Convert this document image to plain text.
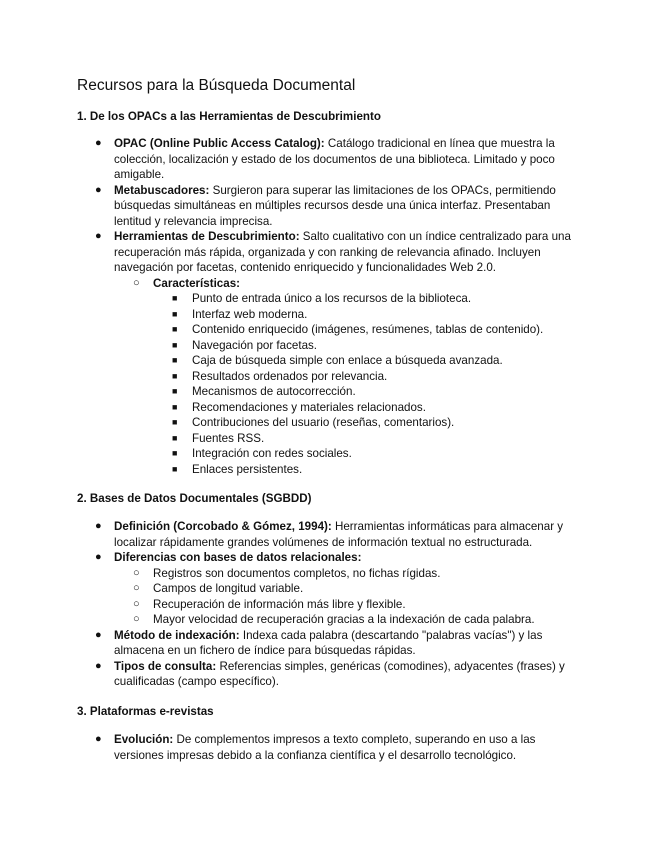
Recursos para la Búsqueda Documental
1. De los OPACs a las Herramientas de Descubrimiento
● OPAC (Online Public Access Catalog): Catálogo tradicional en línea que muestra la colección, localización y estado de los documentos de una biblioteca. Limitado y poco amigable.
● Metabuscadores: Surgieron para superar las limitaciones de los OPACs, permitiendo búsquedas simultáneas en múltiples recursos desde una única interfaz. Presentaban lentitud y relevancia imprecisa.
● Herramientas de Descubrimiento: Salto cualitativo con un índice centralizado para una recuperación más rápida, organizada y con ranking de relevancia afinado. Incluyen navegación por facetas, contenido enriquecido y funcionalidades Web 2.0.
○ Características:
■ Punto de entrada único a los recursos de la biblioteca.
■ Interfaz web moderna.
■ Contenido enriquecido (imágenes, resúmenes, tablas de contenido).
■ Navegación por facetas.
■ Caja de búsqueda simple con enlace a búsqueda avanzada.
■ Resultados ordenados por relevancia.
■ Mecanismos de autocorrección.
■ Recomendaciones y materiales relacionados.
■ Contribuciones del usuario (reseñas, comentarios).
■ Fuentes RSS.
■ Integración con redes sociales.
■ Enlaces persistentes.
2. Bases de Datos Documentales (SGBDD)
● Definición (Corcobado & Gómez, 1994): Herramientas informáticas para almacenar y localizar rápidamente grandes volúmenes de información textual no estructurada.
● Diferencias con bases de datos relacionales:
○ Registros son documentos completos, no fichas rígidas.
○ Campos de longitud variable.
○ Recuperación de información más libre y flexible.
○ Mayor velocidad de recuperación gracias a la indexación de cada palabra.
● Método de indexación: Indexa cada palabra (descartando "palabras vacías") y las almacena en un fichero de índice para búsquedas rápidas.
● Tipos de consulta: Referencias simples, genéricas (comodines), adyacentes (frases) y cualificadas (campo específico).
3. Plataformas e-revistas
● Evolución: De complementos impresos a texto completo, superando en uso a las versiones impresas debido a la confianza científica y el desarrollo tecnológico.
